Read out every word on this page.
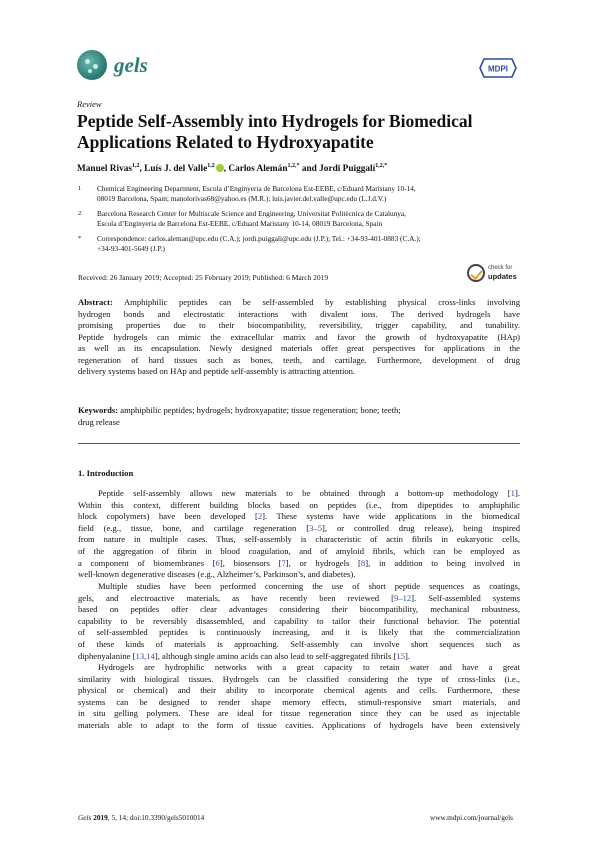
gels	MDPI
Review
Peptide Self-Assembly into Hydrogels for Biomedical
Applications Related to Hydroxyapatite
Manuel Rivas$^{1,2}$, Luís J. del Valle$^{1,2}$ , Carlos Alemán$^{1,2,*}$ and Jordi Puiggalí$^{1,2,*}$
1 Chemical Engineering Department, Escola d’Enginyeria de Barcelona Est-EEBE, c/Eduard Maristany 10-14,
08019 Barcelona, Spain; manolorivas68@yahoo.es (M.R.); luis.javier.del.valle@upc.edu (L.J.d.V.)
2 Barcelona Research Center for Multiscale Science and Engineering, Universitat Politècnica de Catalunya,
Escola d’Enginyeria de Barcelona Est-EEBE, c/Eduard Maristany 10-14, 08019 Barcelona, Spain
* Correspondence: carlos.aleman@upc.edu (C.A.); jordi.puiggali@upc.edu (J.P.); Tel.: +34-93-401-0883 (C.A.);
+34-93-401-5649 (J.P.)
Received: 26 January 2019; Accepted: 25 February 2019; Published: 6 March 2019
check for
updates
Abstract: Amphiphilic peptides can be self-assembled by establishing physical cross-links involving
hydrogen bonds and electrostatic interactions with divalent ions. The derived hydrogels have
promising properties due to their biocompatibility, reversibility, trigger capability, and tunability.
Peptide hydrogels can mimic the extracellular matrix and favor the growth of hydroxyapatite (HAp)
as well as its encapsulation. Newly designed materials offer great perspectives for applications in the
regeneration of hard tissues such as bones, teeth, and cartilage. Furthermore, development of drug
delivery systems based on HAp and peptide self-assembly is attracting attention.
Keywords: amphiphilic peptides; hydrogels; hydroxyapatite; tissue regeneration; bone; teeth;
drug release
1. Introduction
Peptide self-assembly allows new materials to be obtained through a bottom-up methodology [1].
Within this context, different building blocks based on peptides (i.e., from dipeptides to amphiphilic
block copolymers) have been developed [2]. These systems have wide applications in the biomedical
field (e.g., tissue, bone, and cartilage regeneration [3–5], or controlled drug release), being inspired
from nature in multiple cases. Thus, self-assembly is characteristic of actin fibrils in eukaryotic cells,
of the aggregation of fibrin in blood coagulation, and of amyloid fibrils, which can be employed as
a component of biomembranes [6], biosensors [7], or hydrogels [8], in addition to being involved in
well-known degenerative diseases (e.g., Alzheimer’s, Parkinson’s, and diabetes).
Multiple studies have been performed concerning the use of short peptide sequences as coatings,
gels, and electroactive materials, as have recently been reviewed [9–12]. Self-assembled systems
based on peptides offer clear advantages considering their biocompatibility, mechanical robustness,
capability to be reversibly disassembled, and capability to tailor their functional behavior. The potential
of self-assembled peptides is continuously increasing, and it is likely that the commercialization
of these kinds of materials is approaching. Self-assembly can involve short sequences such as
diphenyalanine [13,14], although single amino acids can also lead to self-aggregated fibrils [15].
Hydrogels are hydrophilic networks with a great capacity to retain water and have a great
similarity with biological tissues. Hydrogels can be classified considering the type of cross-links (i.e.,
physical or chemical) and their ability to incorporate chemical agents and cells. Furthermore, these
systems can be designed to render shape memory effects, stimuli-responsive smart materials, and
in situ gelling polymers. These are ideal for tissue regeneration since they can be used as injectable
materials able to adapt to the form of tissue cavities. Applications of hydrogels have been extensively
Gels 2019, 5, 14; doi:10.3390/gels5010014	www.mdpi.com/journal/gels
